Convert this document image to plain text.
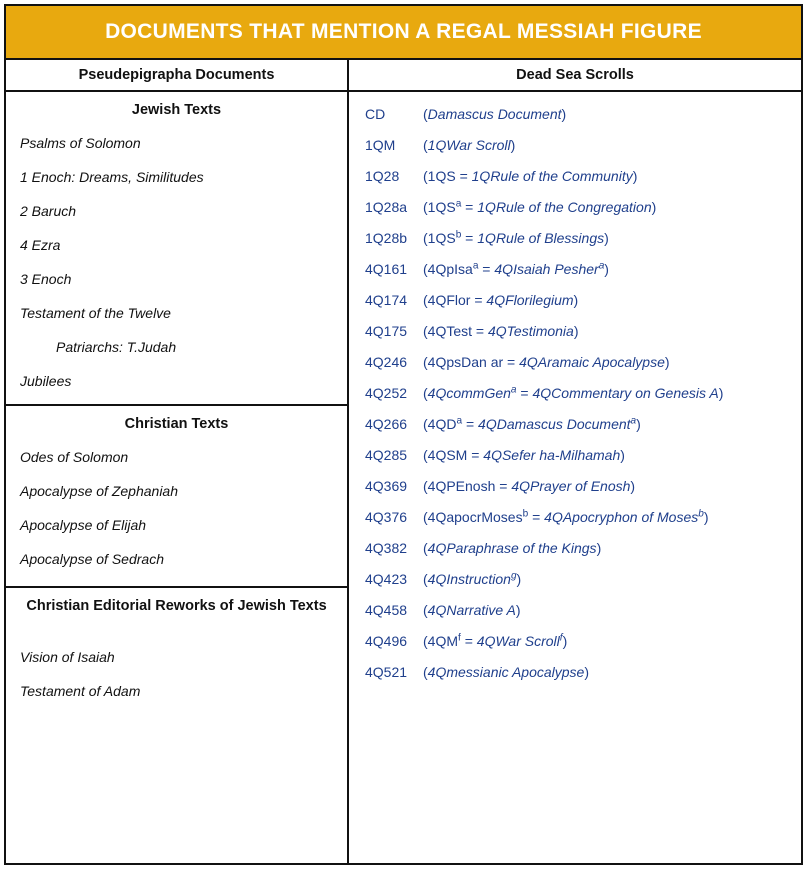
DOCUMENTS THAT MENTION A REGAL MESSIAH FIGURE
Pseudepigrapha Documents	Dead Sea Scrolls
Jewish Texts
Psalms of Solomon
1 Enoch: Dreams, Similitudes
2 Baruch
4 Ezra
3 Enoch
Testament of the Twelve
Patriarchs: T.Judah
Jubilees
Christian Texts
Odes of Solomon
Apocalypse of Zephaniah
Apocalypse of Elijah
Apocalypse of Sedrach
Christian Editorial Reworks of Jewish Texts
Vision of Isaiah
Testament of Adam
CD	(Damascus Document)
1QM	(1QWar Scroll)
1Q28	(1QS = 1QRule of the Community)
1Q28a	($1QS^a$ = 1QRule of the Congregation)
1Q28b	($1QS^b$ = 1QRule of Blessings)
4Q161	(4QpIsa$^a$ = 4QIsaiah Pesher$^a$)
4Q174	(4QFlor = 4QFlorilegium)
4Q175	(4QTest = 4QTestimonia)
4Q246	(4QpsDan ar = 4QAramaic Apocalypse)
4Q252	(4QcommGen$^a$ = 4QCommentary on Genesis A)
4Q266	($4QD^a$ = 4QDamascus Document$^a$)
4Q285	(4QSM = 4QSefer ha-Milhamah)
4Q369	(4QPEnosh = 4QPrayer of Enosh)
4Q376	(4QapocrMoses$^b$ = 4QApocryphon of Moses$^b$)
4Q382	(4QParaphrase of the Kings)
4Q423	(4QInstruction$^g$)
4Q458	(4QNarrative A)
4Q496	($4QM^f$ = 4QWar Scroll$^f$)
4Q521	(4Qmessianic Apocalypse)
